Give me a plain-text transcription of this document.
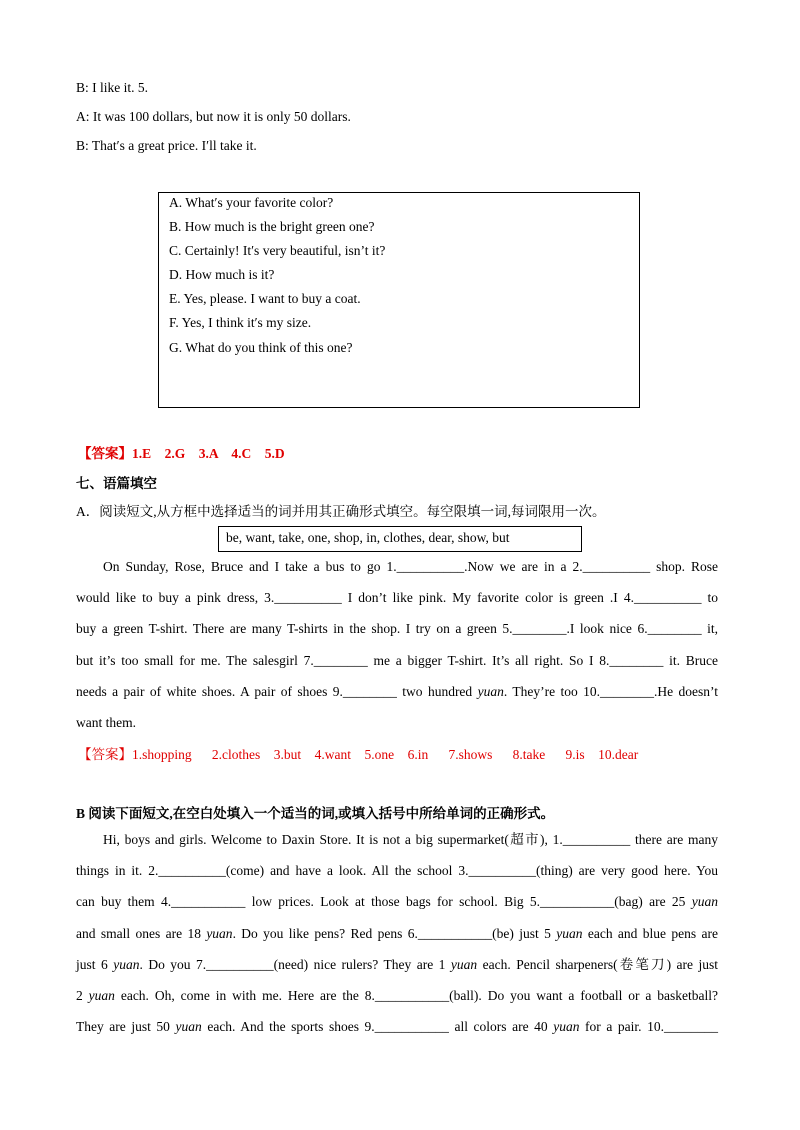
B: I like it. 5.
A: It was 100 dollars, but now it is only 50 dollars.
B: That′s a great price. I′ll take it.
A. What′s your favorite color?
B. How much is the bright green one?
C. Certainly! It′s very beautiful, isn’t it?
D. How much is it?
E. Yes, please. I want to buy a coat.
F. Yes, I think it′s my size.
G. What do you think of this one?
【答案】1.E    2.G    3.A    4.C    5.D
七、语篇填空
A．阅读短文,从方框中选择适当的词并用其正确形式填空。每空限填一词,每词限用一次。
be, want, take, one, shop, in, clothes, dear, show, but
On Sunday, Rose, Bruce and I take a bus to go 1.__________.Now we are in a 2.__________ shop. Rose
would like to buy a pink dress, 3.__________ I don’t like pink. My favorite color is green .I 4.__________ to
buy a green T-shirt. There are many T-shirts in the shop. I try on a green 5.________.I look nice 6.________ it,
but it’s too small for me. The salesgirl 7.________ me a bigger T-shirt. It’s all right. So I 8.________ it. Bruce
needs a pair of white shoes. A pair of shoes 9.________ two hundred yuan. They’re too 10.________.He doesn’t
want them.
【答案】1.shopping      2.clothes    3.but    4.want    5.one    6.in      7.shows      8.take      9.is    10.dear
B 阅读下面短文,在空白处填入一个适当的词,或填入括号中所给单词的正确形式。
Hi, boys and girls. Welcome to Daxin Store. It is not a big supermarket(超市), 1.__________ there are many
things in it. 2.__________(come) and have a look. All the school 3.__________(thing) are very good here. You
can buy them 4.___________ low prices. Look at those bags for school. Big 5.___________(bag) are 25 yuan
and small ones are 18 yuan. Do you like pens? Red pens 6.___________(be) just 5 yuan each and blue pens are
just 6 yuan. Do you 7.__________(need) nice rulers? They are 1 yuan each. Pencil sharpeners(卷笔刀) are just
2 yuan each. Oh, come in with me. Here are the 8.___________(ball). Do you want a football or a basketball?
They are just 50 yuan each. And the sports shoes 9.___________ all colors are 40 yuan for a pair. 10.________
